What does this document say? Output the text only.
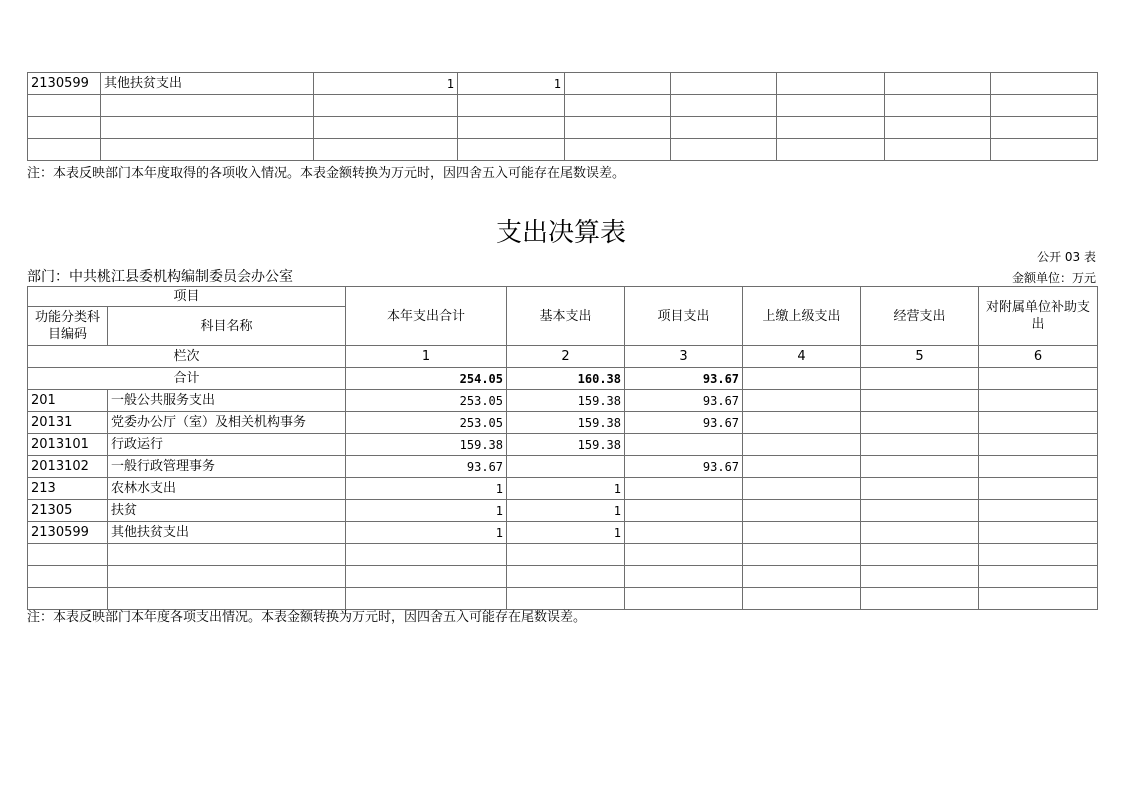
2130599	其他扶贫支出	1	1					

注：本表反映部门本年度取得的各项收入情况。本表金额转换为万元时，因四舍五入可能存在尾数误差。
支出决算表
公开 03 表
部门：中共桃江县委机构编制委员会办公室	金额单位：万元
项目		本年支出合计	基本支出	项目支出	上缴上级支出	经营支出	对附属单位补助支出
功能分类科目编码	科目名称						
栏次		1	2	3	4	5	6
合计		254.05	160.38	93.67			
201	一般公共服务支出	253.05	159.38	93.67			
20131	党委办公厅（室）及相关机构事务	253.05	159.38	93.67			
2013101	行政运行	159.38	159.38				
2013102	一般行政管理事务	93.67		93.67			
213	农林水支出	1	1				
21305	扶贫	1	1				
2130599	其他扶贫支出	1	1				

注：本表反映部门本年度各项支出情况。本表金额转换为万元时，因四舍五入可能存在尾数误差。
